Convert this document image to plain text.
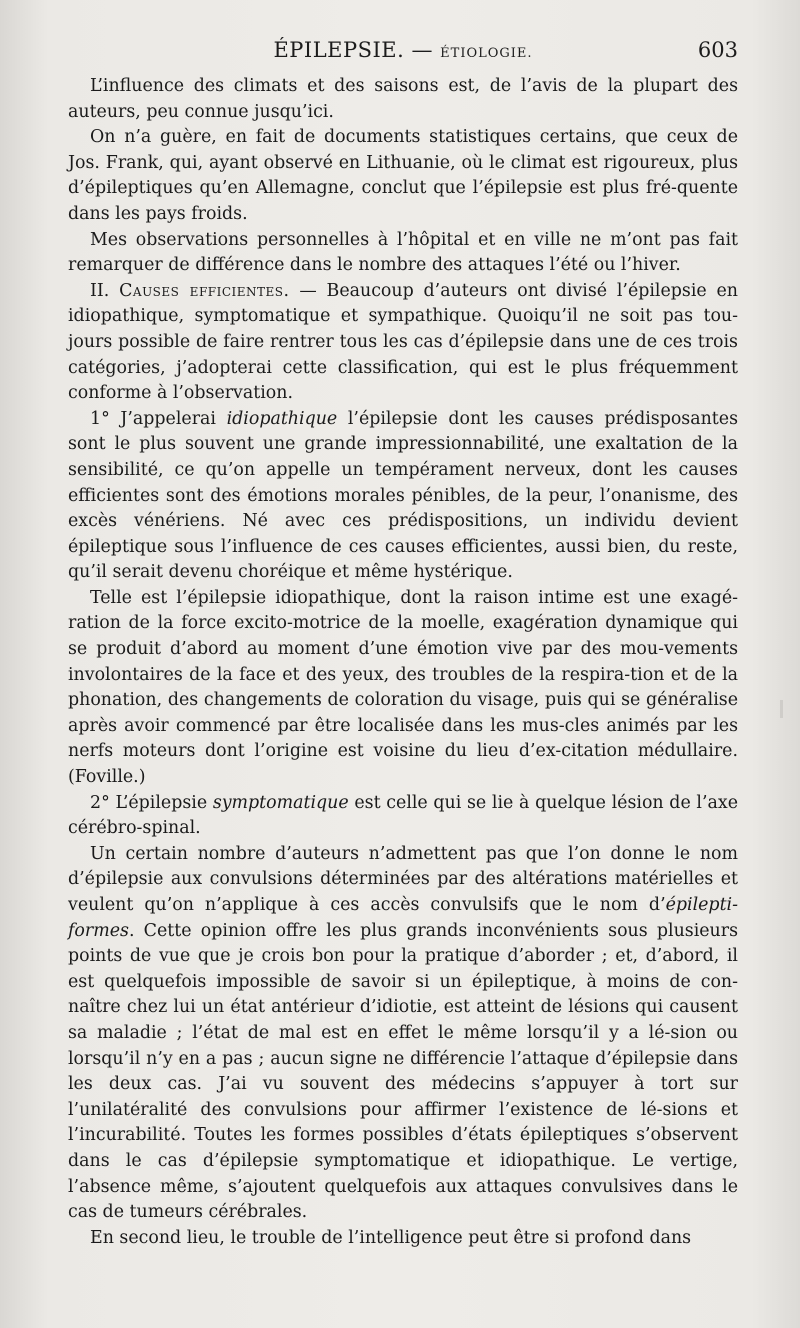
ÉPILEPSIE. — ÉTIOLOGIE.	603

L’influence des climats et des saisons est, de l’avis de la plupart des auteurs, peu connue jusqu’ici.

On n’a guère, en fait de documents statistiques certains, que ceux de Jos. Frank, qui, ayant observé en Lithuanie, où le climat est rigoureux, plus d’épileptiques qu’en Allemagne, conclut que l’épilepsie est plus fré-quente dans les pays froids.

Mes observations personnelles à l’hôpital et en ville ne m’ont pas fait remarquer de différence dans le nombre des attaques l’été ou l’hiver.

II. Causes efficientes. — Beaucoup d’auteurs ont divisé l’épilepsie en idiopathique, symptomatique et sympathique. Quoiqu’il ne soit pas tou-jours possible de faire rentrer tous les cas d’épilepsie dans une de ces trois catégories, j’adopterai cette classification, qui est le plus fréquemment conforme à l’observation.

1° J’appelerai idiopathique l’épilepsie dont les causes prédisposantes sont le plus souvent une grande impressionnabilité, une exaltation de la sensibilité, ce qu’on appelle un tempérament nerveux, dont les causes efficientes sont des émotions morales pénibles, de la peur, l’onanisme, des excès vénériens. Né avec ces prédispositions, un individu devient épileptique sous l’influence de ces causes efficientes, aussi bien, du reste, qu’il serait devenu choréique et même hystérique.

Telle est l’épilepsie idiopathique, dont la raison intime est une exagé-ration de la force excito-motrice de la moelle, exagération dynamique qui se produit d’abord au moment d’une émotion vive par des mou-vements involontaires de la face et des yeux, des troubles de la respira-tion et de la phonation, des changements de coloration du visage, puis qui se généralise après avoir commencé par être localisée dans les mus-cles animés par les nerfs moteurs dont l’origine est voisine du lieu d’ex-citation médullaire. (Foville.)

2° L’épilepsie symptomatique est celle qui se lie à quelque lésion de l’axe cérébro-spinal.

Un certain nombre d’auteurs n’admettent pas que l’on donne le nom d’épilepsie aux convulsions déterminées par des altérations matérielles et veulent qu’on n’applique à ces accès convulsifs que le nom d’épilepti-formes. Cette opinion offre les plus grands inconvénients sous plusieurs points de vue que je crois bon pour la pratique d’aborder ; et, d’abord, il est quelquefois impossible de savoir si un épileptique, à moins de con-naître chez lui un état antérieur d’idiotie, est atteint de lésions qui causent sa maladie ; l’état de mal est en effet le même lorsqu’il y a lé-sion ou lorsqu’il n’y en a pas ; aucun signe ne différencie l’attaque d’épilepsie dans les deux cas. J’ai vu souvent des médecins s’appuyer à tort sur l’unilatéralité des convulsions pour affirmer l’existence de lé-sions et l’incurabilité. Toutes les formes possibles d’états épileptiques s’observent dans le cas d’épilepsie symptomatique et idiopathique. Le vertige, l’absence même, s’ajoutent quelquefois aux attaques convulsives dans le cas de tumeurs cérébrales.

En second lieu, le trouble de l’intelligence peut être si profond dans
